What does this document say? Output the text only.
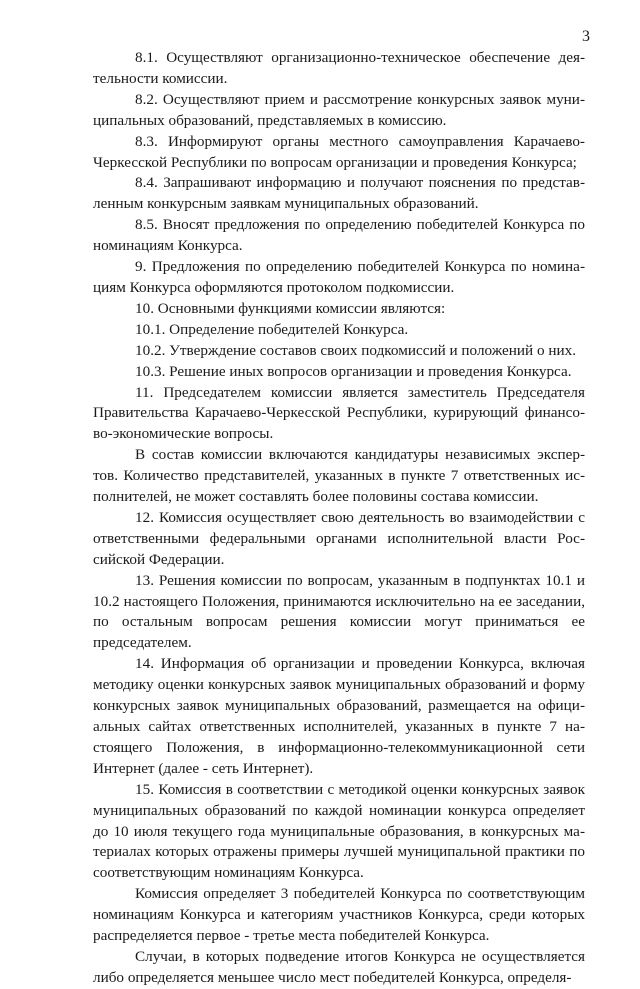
3

8.1. Осуществляют организационно-техническое обеспечение деятельности комиссии.

8.2. Осуществляют прием и рассмотрение конкурсных заявок муниципальных образований, представляемых в комиссию.

8.3. Информируют органы местного самоуправления Карачаево-Черкесской Республики по вопросам организации и проведения Конкурса;

8.4. Запрашивают информацию и получают пояснения по представленным конкурсным заявкам муниципальных образований.

8.5. Вносят предложения по определению победителей Конкурса по номинациям Конкурса.

9. Предложения по определению победителей Конкурса по номинациям Конкурса оформляются протоколом подкомиссии.

10. Основными функциями комиссии являются:

10.1. Определение победителей Конкурса.

10.2. Утверждение составов своих подкомиссий и положений о них.

10.3. Решение иных вопросов организации и проведения Конкурса.

11. Председателем комиссии является заместитель Председателя Правительства Карачаево-Черкесской Республики, курирующий финансово-экономические вопросы.

В состав комиссии включаются кандидатуры независимых экспертов. Количество представителей, указанных в пункте 7 ответственных исполнителей, не может составлять более половины состава комиссии.

12. Комиссия осуществляет свою деятельность во взаимодействии с ответственными федеральными органами исполнительной власти Российской Федерации.

13. Решения комиссии по вопросам, указанным в подпунктах 10.1 и 10.2 настоящего Положения, принимаются исключительно на ее заседании, по остальным вопросам решения комиссии могут приниматься ее председателем.

14. Информация об организации и проведении Конкурса, включая методику оценки конкурсных заявок муниципальных образований и форму конкурсных заявок муниципальных образований, размещается на официальных сайтах ответственных исполнителей, указанных в пункте 7 настоящего Положения, в информационно-телекоммуникационной сети Интернет (далее - сеть Интернет).

15. Комиссия в соответствии с методикой оценки конкурсных заявок муниципальных образований по каждой номинации конкурса определяет до 10 июля текущего года муниципальные образования, в конкурсных материалах которых отражены примеры лучшей муниципальной практики по соответствующим номинациям Конкурса.

Комиссия определяет 3 победителей Конкурса по соответствующим номинациям Конкурса и категориям участников Конкурса, среди которых распределяется первое - третье места победителей Конкурса.

Случаи, в которых подведение итогов Конкурса не осуществляется либо определяется меньшее число мест победителей Конкурса, определя-
